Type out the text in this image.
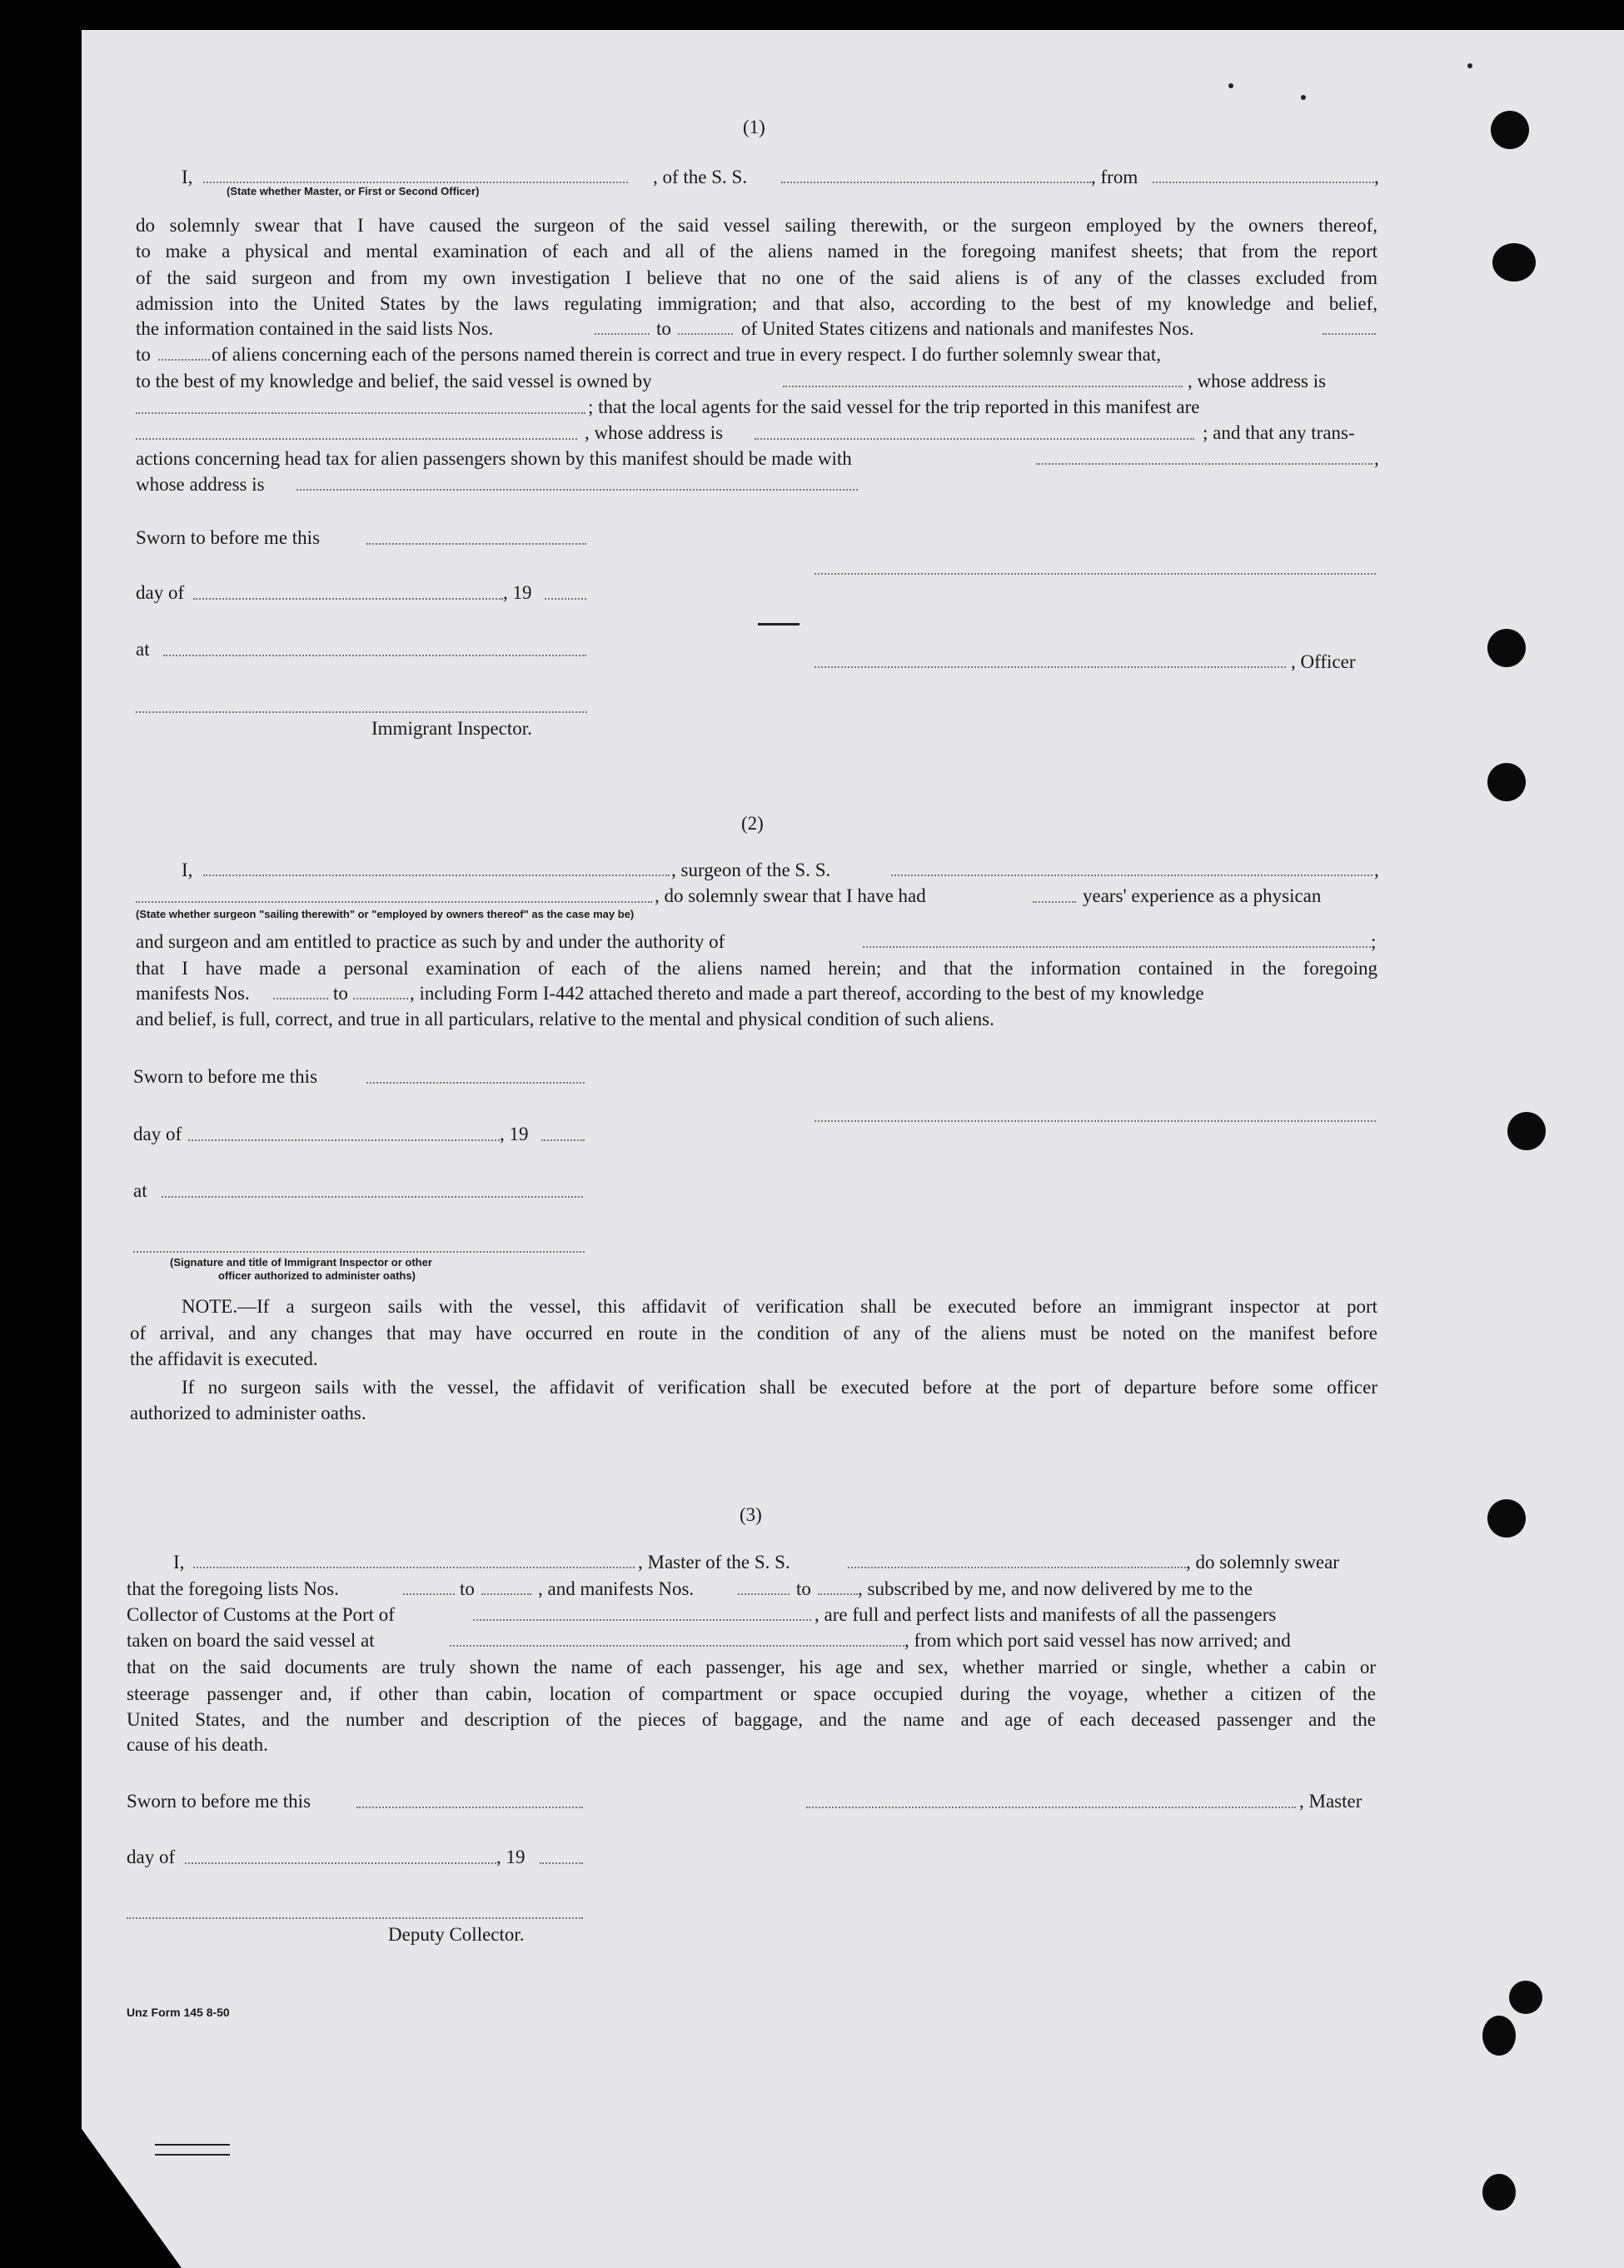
(1)
I,	, of the S. S.	, from	,
(State whether Master, or First or Second Officer)
do solemnly swear that I have caused the surgeon of the said vessel sailing therewith, or the surgeon employed by the owners thereof,
to make a physical and mental examination of each and all of the aliens named in the foregoing manifest sheets; that from the report
of the said surgeon and from my own investigation I believe that no one of the said aliens is of any of the classes excluded from
admission into the United States by the laws regulating immigration; and that also, according to the best of my knowledge and belief,
the information contained in the said lists Nos.	to	of United States citizens and nationals and manifestes Nos.
to	of aliens concerning each of the persons named therein is correct and true in every respect. I do further solemnly swear that,
to the best of my knowledge and belief, the said vessel is owned by	, whose address is
; that the local agents for the said vessel for the trip reported in this manifest are
, whose address is	; and that any trans-
actions concerning head tax for alien passengers shown by this manifest should be made with	,
whose address is
Sworn to before me this
day of	, 19
at
, Officer
Immigrant Inspector.
(2)
I,	, surgeon of the S. S.	,
, do solemnly swear that I have had	years' experience as a physican
(State whether surgeon "sailing therewith" or "employed by owners thereof" as the case may be)
and surgeon and am entitled to practice as such by and under the authority of	;
that I have made a personal examination of each of the aliens named herein; and that the information contained in the foregoing
manifests Nos.	to	, including Form I-442 attached thereto and made a part thereof, according to the best of my knowledge
and belief, is full, correct, and true in all particulars, relative to the mental and physical condition of such aliens.
Sworn to before me this
day of	, 19
at
(Signature and title of Immigrant Inspector or other
officer authorized to administer oaths)
NOTE.—If a surgeon sails with the vessel, this affidavit of verification shall be executed before an immigrant inspector at port
of arrival, and any changes that may have occurred en route in the condition of any of the aliens must be noted on the manifest before
the affidavit is executed.
If no surgeon sails with the vessel, the affidavit of verification shall be executed before at the port of departure before some officer
authorized to administer oaths.
(3)
I,	, Master of the S. S.	, do solemnly swear
that the foregoing lists Nos.	to	, and manifests Nos.	to , subscribed by me, and now delivered by me to the
Collector of Customs at the Port of	, are full and perfect lists and manifests of all the passengers
taken on board the said vessel at	, from which port said vessel has now arrived; and
that on the said documents are truly shown the name of each passenger, his age and sex, whether married or single, whether a cabin or
steerage passenger and, if other than cabin, location of compartment or space occupied during the voyage, whether a citizen of the
United States, and the number and description of the pieces of baggage, and the name and age of each deceased passenger and the
cause of his death.
Sworn to before me this	, Master
day of	, 19
Deputy Collector.
Unz Form 145 8-50
